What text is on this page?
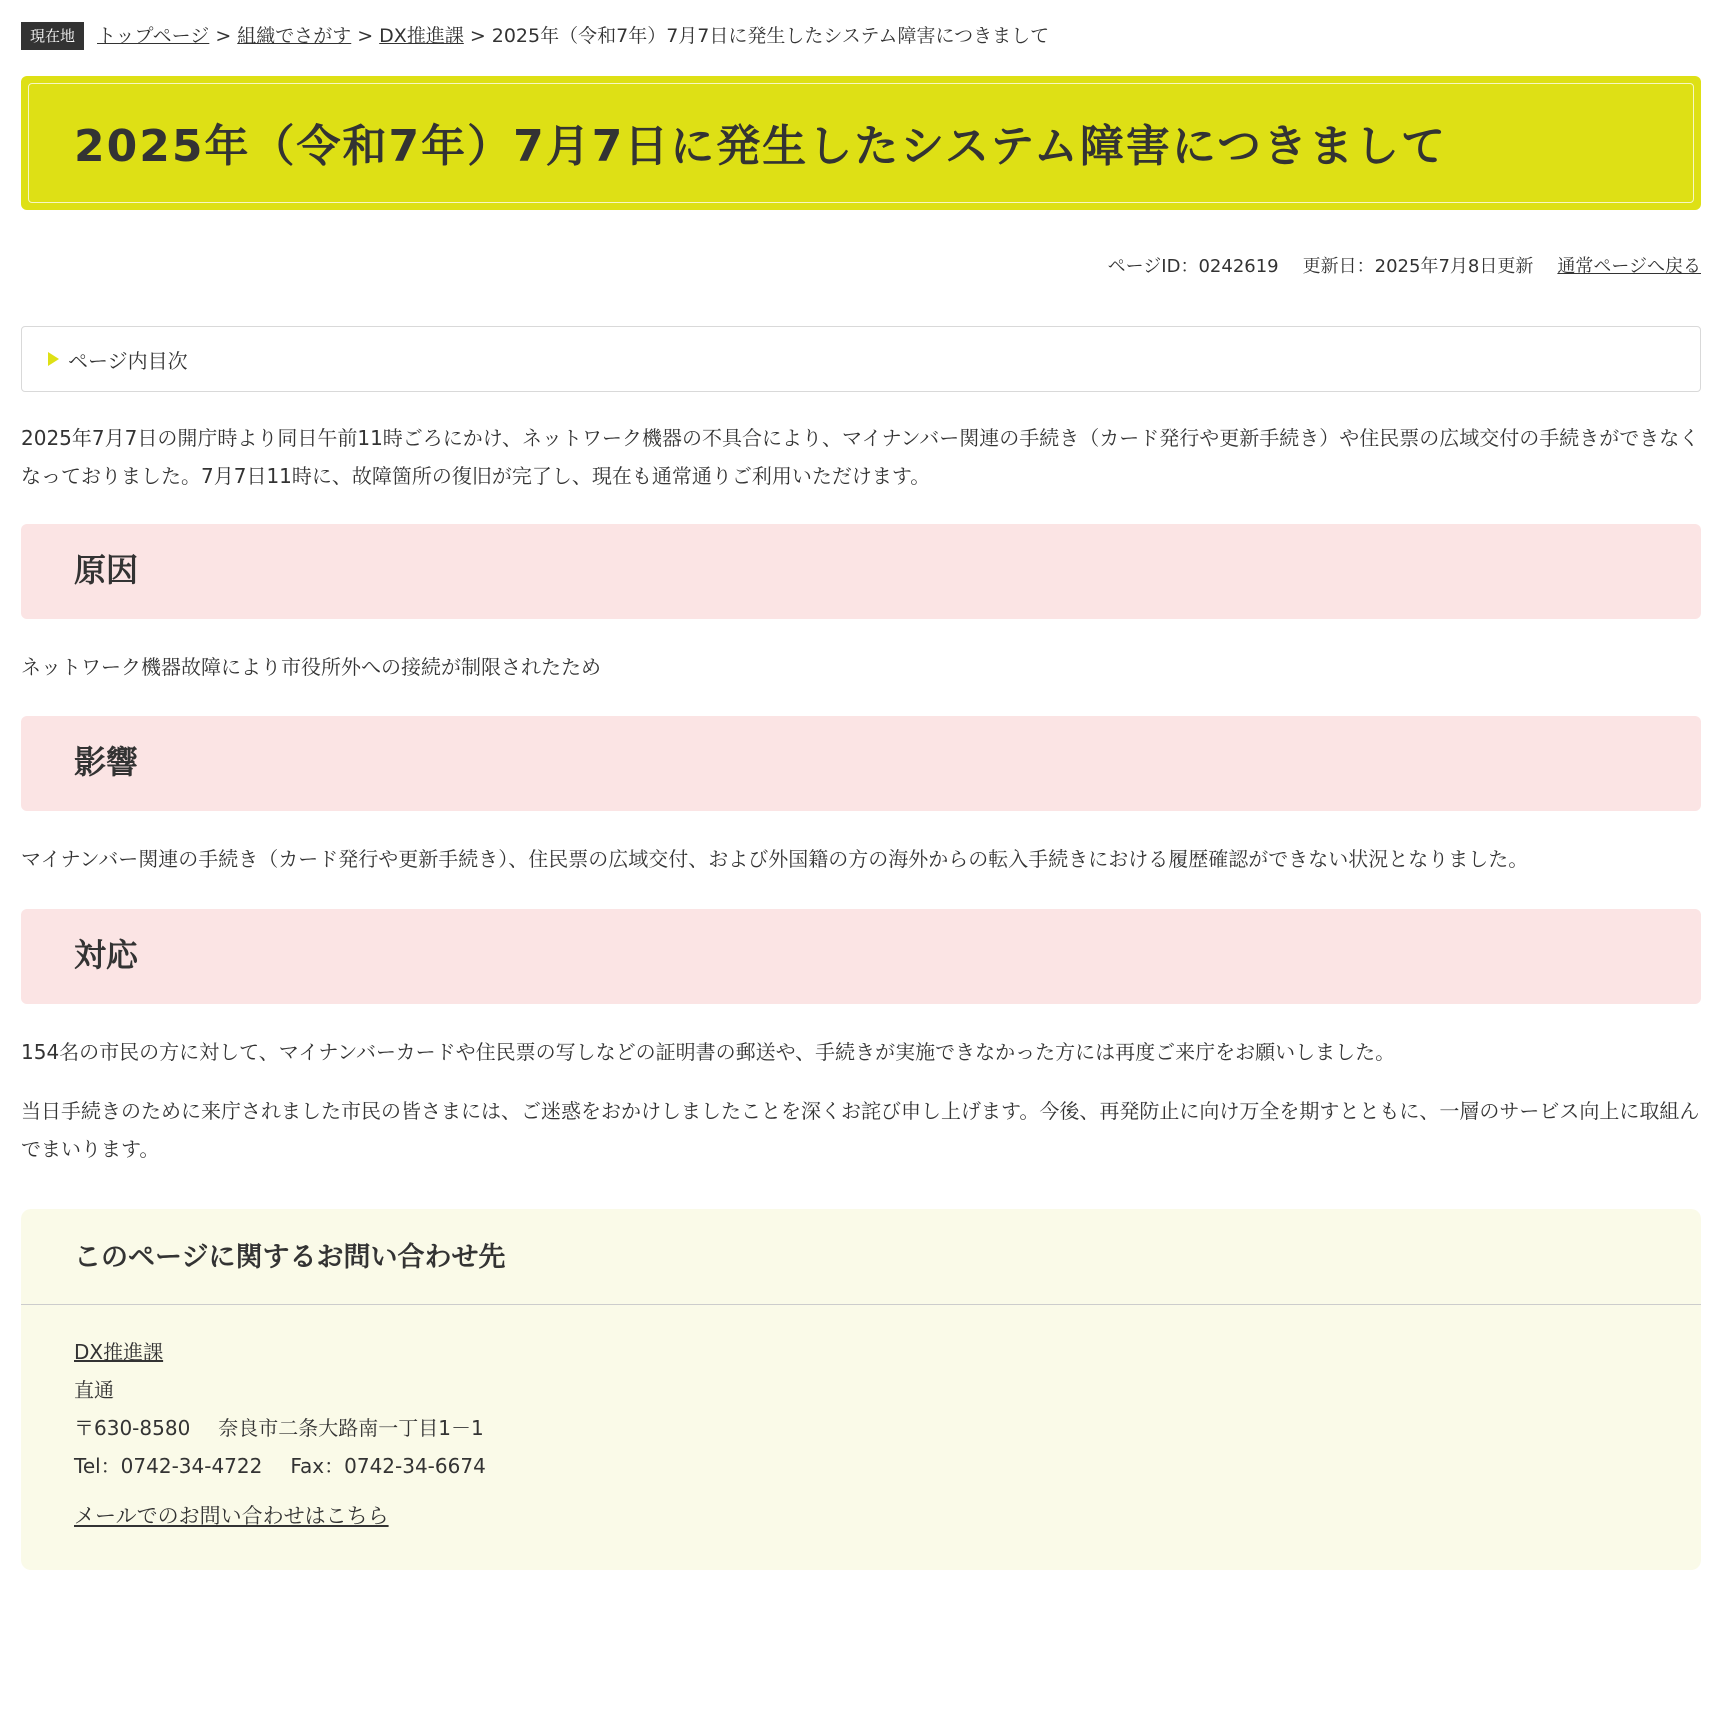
現在地	トップページ > 組織でさがす > DX推進課 > 2025年（令和7年）7月7日に発生したシステム障害につきまして
2025年（令和7年）7月7日に発生したシステム障害につきまして
ページID：0242619 更新日：2025年7月8日更新 通常ページへ戻る
ページ内目次

2025年7月7日の開庁時より同日午前11時ごろにかけ、ネットワーク機器の不具合により、マイナンバー関連の手続き（カード発行や更新手続き）や住民票の広域交付の手続きができなくなっておりました。7月7日11時に、故障箇所の復旧が完了し、現在も通常通りご利用いただけます。

原因

ネットワーク機器故障により市役所外への接続が制限されたため

影響

マイナンバー関連の手続き（カード発行や更新手続き）、住民票の広域交付、および外国籍の方の海外からの転入手続きにおける履歴確認ができない状況となりました。

対応

154名の市民の方に対して、マイナンバーカードや住民票の写しなどの証明書の郵送や、手続きが実施できなかった方には再度ご来庁をお願いしました。

当日手続きのために来庁されました市民の皆さまには、ご迷惑をおかけしましたことを深くお詫び申し上げます。今後、再発防止に向け万全を期すとともに、一層のサービス向上に取組んでまいります。

このページに関するお問い合わせ先
DX推進課
直通
〒630-8580 奈良市二条大路南一丁目1－1
Tel：0742-34-4722 Fax：0742-34-6674
メールでのお問い合わせはこちら
